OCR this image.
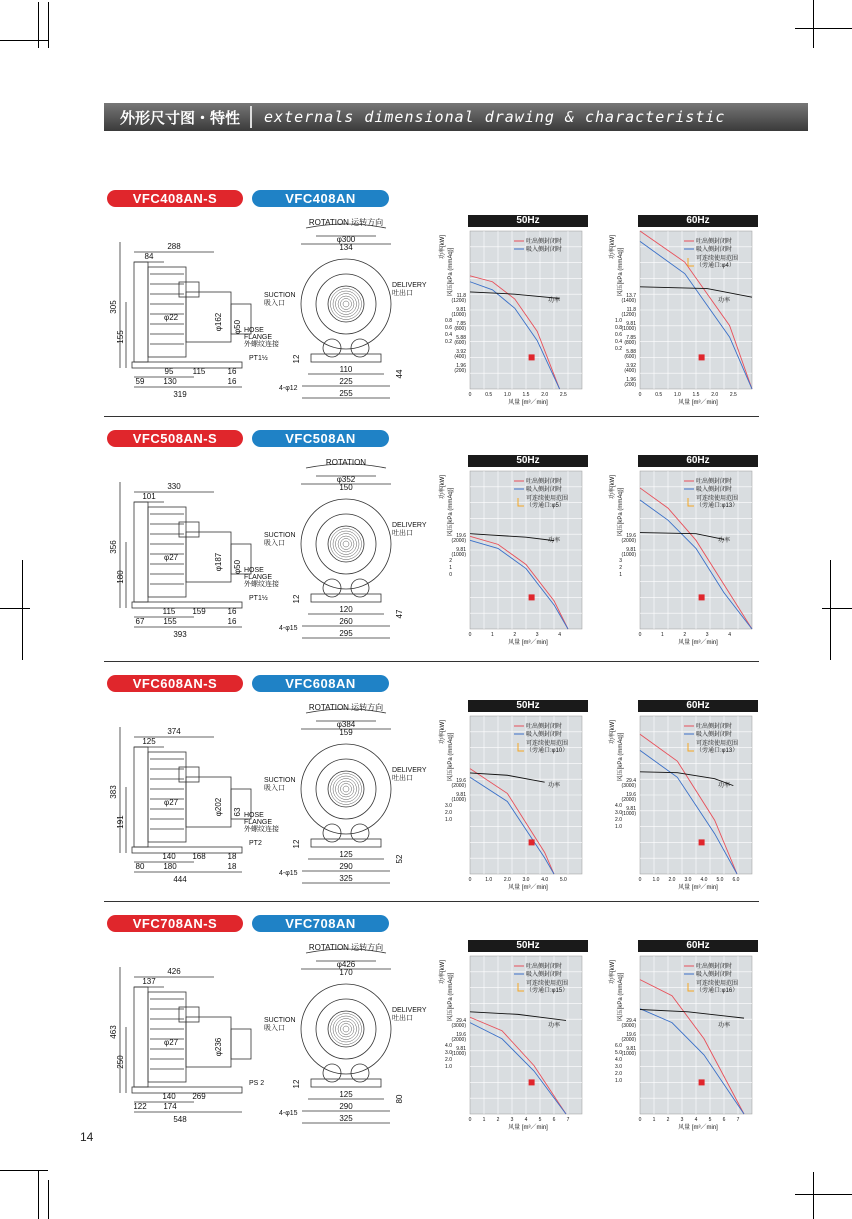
外形尺寸图・特性	externals dimensional drawing & characteristic
VFC408AN-S	VFC408AN
288
84
305
155
φ22	φ162 φ50 HOSE
FLANGE
外螺纹连接
PT1½
95 115	16
16
59 130
319
ROTATION 运转方向
φ300
134
SUCTION
吸入口
DELIVERY
吐出口
110
225
255
4-φ12
44
12
50Hz
吐出侧封闭时
吸入侧封闭时
功率
0	0.5 1.0 1.5 2.0 2.5
风量 [m³／min]
功率[kW]
风压[kPa (mmAq)] 11.8
(1200)
9.81
(1000)
7.85
(800)
5.88
(600)
3.92
(400)
1.96
(200)
0.8
0.6
0.4
0.2
60Hz
吐出侧封闭时
吸入侧封闭时
可连续使用范围
（旁通口:φ4）
功率
0	0.5 1.0 1.5 2.0 2.5
风量 [m³／min]
功率[kW]
风压[kPa (mmAq)] 13.7
(1400)
11.8
(1200)
9.81
(1000)
7.85
(800)
5.88
(600)
3.92
(400)
1.96
(200)
1.0
0.8
0.6
0.4
0.2
VFC508AN-S	VFC508AN
330
101
356
180
φ27	φ187 φ50 HOSE
FLANGE
外螺纹连接
PT1½
115 159	16
16
67 155
393
ROTATION
φ352
150
SUCTION
吸入口
DELIVERY
吐出口
120
260
295
4-φ15
47
12
50Hz
吐出侧封闭时
吸入侧封闭时
可连续使用范围
（旁通口:φ5）
功率
0	1	2	3	4
风量 [m³／min]
功率[kW]
风压[kPa (mmAq)] 19.6
(2000)
9.81
(1000)
2
1
0
60Hz
吐出侧封闭时
吸入侧封闭时
可连续使用范围
（旁通口:φ13）
功率
0	1	2	3	4
风量 [m³／min]
功率[kW]
风压[kPa (mmAq)] 19.6
(2000)
9.81
(1000)
3
2
1
VFC608AN-S	VFC608AN
374
125
383
191
φ27	φ202 63 HOSE
FLANGE
外螺纹连接
PT2
140 168	18
18
80 180
444
ROTATION 运转方向
φ384
159
SUCTION
吸入口
DELIVERY
吐出口
125
290
325
4-φ15
52
12
50Hz
吐出侧封闭时
吸入侧封闭时
可连续使用范围
（旁通口:φ10）
功率
0	1.0 2.0 3.0 4.0 5.0
风量 [m³／min]
功率[kW]
风压[kPa (mmAq)] 19.6
(2000)
9.81
(1000)
3.0
2.0
1.0
60Hz
吐出侧封闭时
吸入侧封闭时
可连续使用范围
（旁通口:φ13）
功率
0 1.0 2.0 3.0 4.0 5.0 6.0
风量 [m³／min]
功率[kW]
风压[kPa (mmAq)] 29.4
(3000)
19.6
(2000)
9.81
(1000)
4.0
3.0
2.0
1.0
VFC708AN-S	VFC708AN
426
137
463
250
φ27	φ236
PS 2
140 269
122 174
548
ROTATION 运转方向
φ426
170
SUCTION
吸入口
DELIVERY
吐出口
125
290
325
4-φ15
80
12
50Hz
吐出侧封闭时
吸入侧封闭时
可连续使用范围
（旁通口:φ15）
功率
0 1 2 3 4 5 6 7
风量 [m³／min]
功率[kW]
风压[kPa (mmAq)] 29.4
(3000)
19.6
(2000)
9.81
(1000)
4.0
3.0
2.0
1.0
60Hz
吐出侧封闭时
吸入侧封闭时
可连续使用范围
（旁通口:φ16）
功率
0 1 2 3 4 5 6 7
风量 [m³／min]
功率[kW]
风压[kPa (mmAq)] 29.4
(3000)
19.6
(2000)
9.81
(1000)
6.0
5.0
4.0
3.0
2.0
1.0
14
